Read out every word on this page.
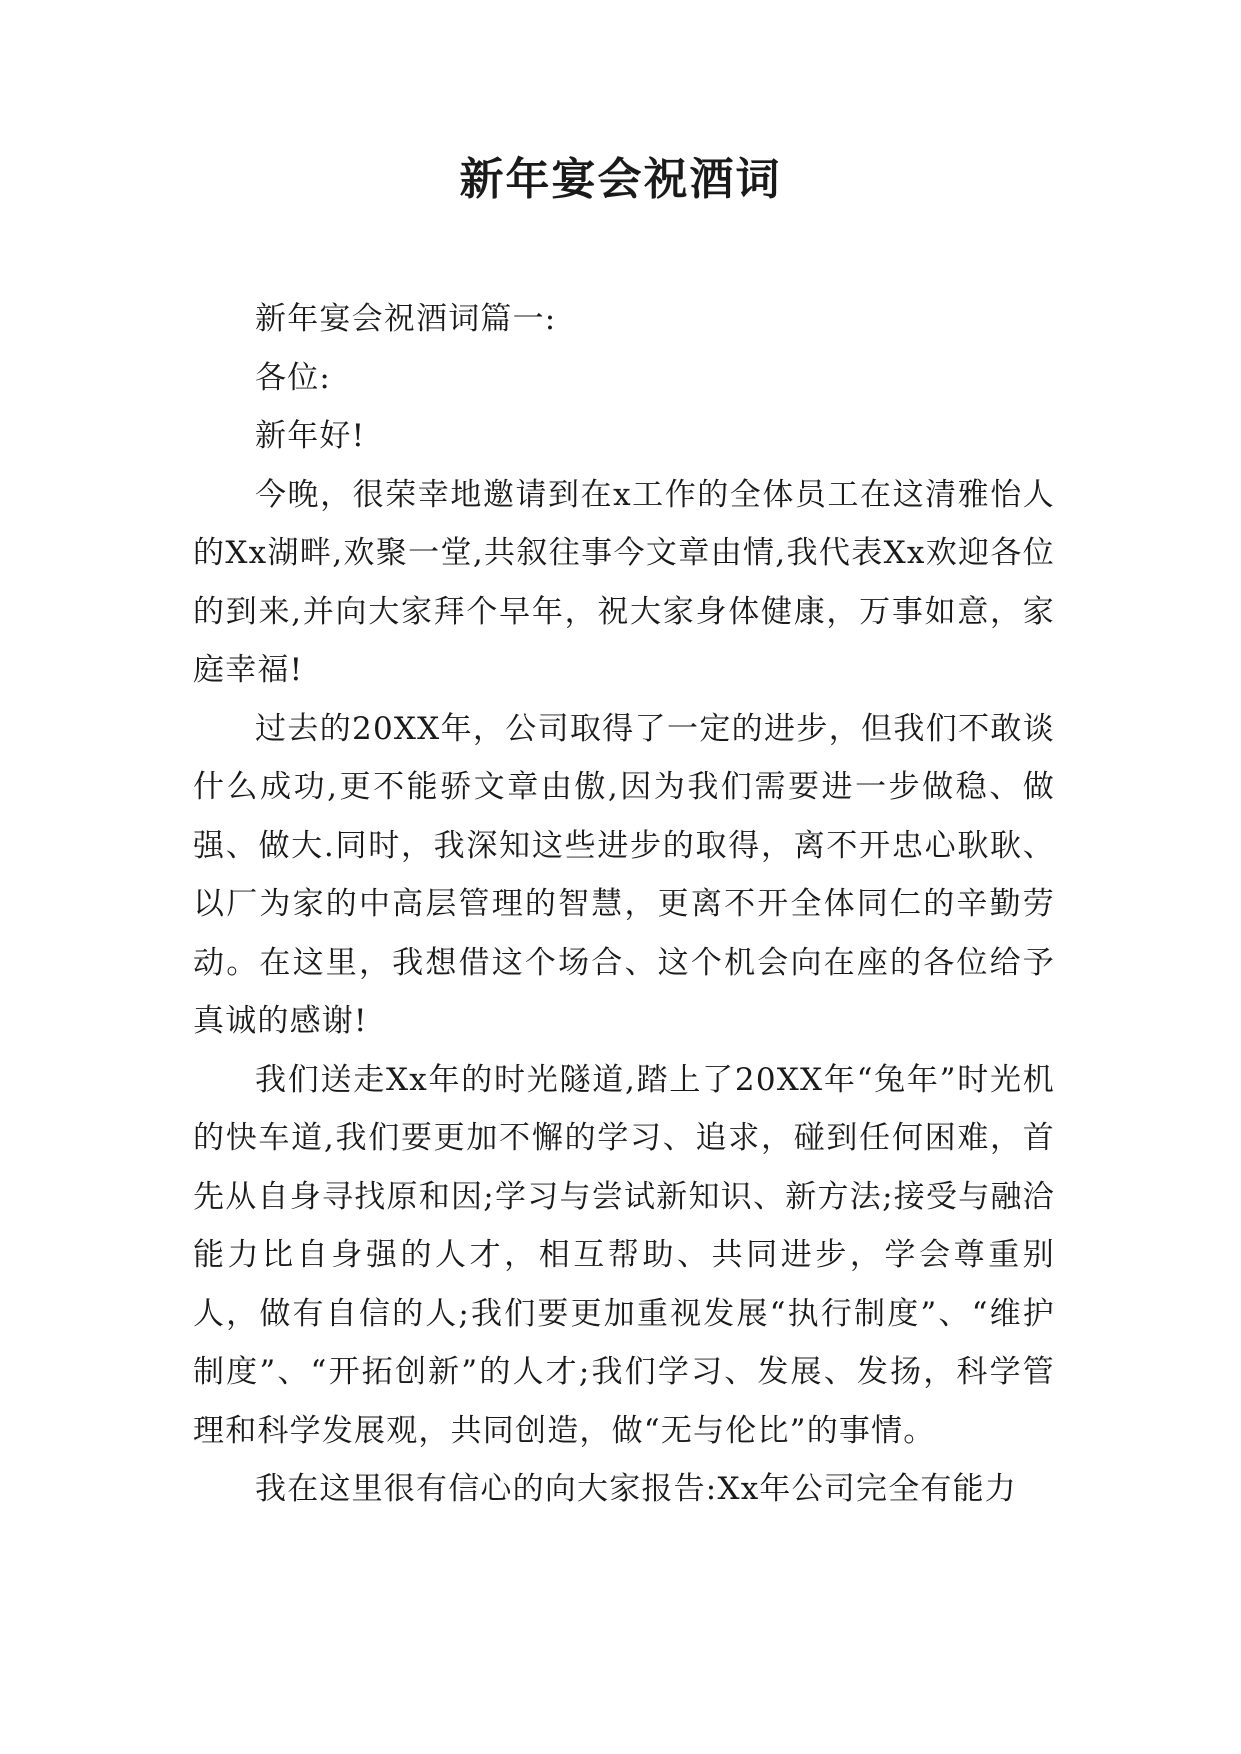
新年宴会祝酒词

新年宴会祝酒词篇一:

各位:

新年好!

今晚，很荣幸地邀请到在x工作的全体员工在这清雅怡人的Xx湖畔,欢聚一堂,共叙往事今文章由情,我代表Xx欢迎各位的到来,并向大家拜个早年，祝大家身体健康，万事如意，家庭幸福!

过去的20XX年，公司取得了一定的进步，但我们不敢谈什么成功,更不能骄文章由傲,因为我们需要进一步做稳、做强、做大.同时，我深知这些进步的取得，离不开忠心耿耿、以厂为家的中高层管理的智慧，更离不开全体同仁的辛勤劳动。在这里，我想借这个场合、这个机会向在座的各位给予真诚的感谢!

我们送走Xx年的时光隧道,踏上了20XX年“兔年”时光机的快车道,我们要更加不懈的学习、追求，碰到任何困难，首先从自身寻找原和因;学习与尝试新知识、新方法;接受与融洽能力比自身强的人才，相互帮助、共同进步，学会尊重别人，做有自信的人;我们要更加重视发展“执行制度”、“维护制度”、“开拓创新”的人才;我们学习、发展、发扬，科学管理和科学发展观，共同创造，做“无与伦比”的事情。

我在这里很有信心的向大家报告:Xx年公司完全有能力
